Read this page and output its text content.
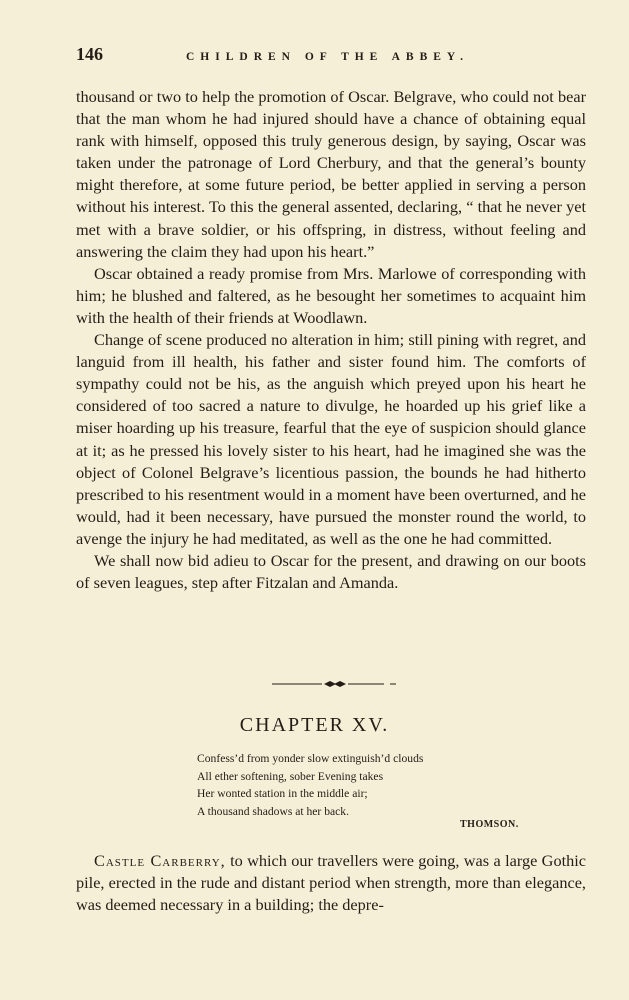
146	CHILDREN OF THE ABBEY.

thousand or two to help the promotion of Oscar. Belgrave, who could not bear that the man whom he had injured should have a chance of obtaining equal rank with himself, opposed this truly generous design, by saying, Oscar was taken under the patronage of Lord Cherbury, and that the general’s bounty might therefore, at some future period, be better applied in serving a person without his interest. To this the general assented, declaring, “ that he never yet met with a brave soldier, or his offspring, in distress, without feeling and answering the claim they had upon his heart.”

Oscar obtained a ready promise from Mrs. Marlowe of corresponding with him; he blushed and faltered, as he besought her sometimes to acquaint him with the health of their friends at Woodlawn.

Change of scene produced no alteration in him; still pining with regret, and languid from ill health, his father and sister found him. The comforts of sympathy could not be his, as the anguish which preyed upon his heart he considered of too sacred a nature to divulge, he hoarded up his grief like a miser hoarding up his treasure, fearful that the eye of suspicion should glance at it; as he pressed his lovely sister to his heart, had he imagined she was the object of Colonel Belgrave’s licentious passion, the bounds he had hitherto prescribed to his resentment would in a moment have been overturned, and he would, had it been necessary, have pursued the monster round the world, to avenge the injury he had meditated, as well as the one he had committed.

We shall now bid adieu to Oscar for the present, and drawing on our boots of seven leagues, step after Fitzalan and Amanda.

CHAPTER XV.
Confess’d from yonder slow extinguish’d clouds
All ether softening, sober Evening takes
Her wonted station in the middle air;
A thousand shadows at her back.
THOMSON.

Castle Carberry, to which our travellers were going, was a large Gothic pile, erected in the rude and distant period when strength, more than elegance, was deemed necessary in a building; the depre-
